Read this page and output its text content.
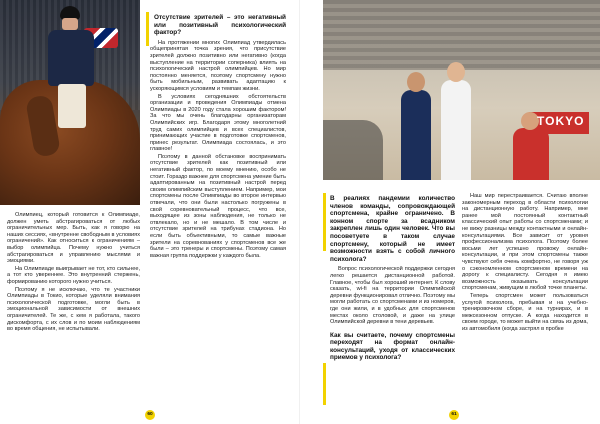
Олимпиец, который готовится к Олимпиаде, должен уметь абстрагироваться от любых ограничительных мер. Быть, как я говорю на наших сессиях, «внутренне свободным в условиях ограничений». Как относиться к ограничениям – выбор олимпийца. Почему нужно учиться абстрагироваться и управлению мыслями и эмоциями.

На Олимпиаде выигрывает не тот, кто сильнее, а тот кто увереннее. Это внутренний стержень, формированию которого нужно учиться.

Поэтому я не исключаю, что те участники Олимпиады в Токио, которые уделяли внимания психологической подготовке, могли быть в эмоциональной зависимости от внешних ограничителей. Те же, с кем я работала, такого дискомфорта, с их слов и по моим наблюдениям во время общения, не испытывали.

Отсутствие зрителей – это негативный или позитивный психологический фактор?

На протяжении многих Олимпиад утвердилась общепринятая точка зрения, что присутствие зрителей должно позитивно или негативно (когда выступление на территории соперника) влиять на психологический настрой олимпийцев. Но мир постоянно меняется, поэтому спортсмену нужно быть мобильным, развивать адаптацию к ускоряющимся условиям и темпам жизни.

В условиях сегодняшних обстоятельств организации и проведения Олимпиады отмена Олимпиады в 2020 году стала хорошим фактором! За что мы очень благодарны организаторам Олимпийских игр. Благодаря этому многолетний труд самих олимпийцев и всех специалистов, принимающих участие в подготовке спортсменов, принес результат. Олимпиада состоялась, и это главное!

Поэтому в данной обстановке воспринимать отсутствие зрителей как позитивный или негативный фактор, по моему мнению, особо не стоит. Гораздо важнее для спортсмена умение быть адаптированным на позитивный настрой перед своим олимпийским выступлением. Например, мои спортсмены после Олимпиады во второе интервью отвечали, что они были настолько погружены в свой соревновательный процесс, что все, выходящее из зоны наблюдения, не только не отвлекало, но и не мешало. В том числе и отсутствие зрителей на трибунах стадиона. Но если быть объективными, то самые важные зрители на соревнованиях у спортсменов все же были – это тренеры и спортсмены. Поэтому самая важная группа поддержки у каждого была.

60
TOKYO
В реалиях пандемии количество членов команды, сопровождающей спортсмена, крайне ограничено. В конном спорте за всадником закреплен лишь один человек. Что вы посоветуете в таком случае спортсмену, который не имеет возможности взять с собой личного психолога?

Вопрос психологической поддержки сегодня легко решается дистанционной работой. Главное, чтобы был хороший интернет. К слову сказать, wi-fi на территории Олимпийской деревни функционировал отлично. Поэтому мы могли работать со спортсменами и из номеров, где они жили, и в удобных для спортсменов местах около столовой, и даже на улице Олимпийской деревни в тени деревьев.

Как вы считаете, почему спортсмены переходят на формат онлайн-консультаций, уходя от классических приемов у психолога?

Наш мир перестраивается. Считаю вполне закономерным переход в области психологии на дистанционную работу. Например, мне ранее мой постоянный контактный классический опыт работы со спортсменами; и не вижу разницы между контактными и онлайн-консультациями. Все зависит от уровня профессионализма психолога. Поэтому более восьми лет успешно провожу онлайн-консультации, и при этом спортсмены также чувствуют себя очень комфортно, не говоря уж о сэкономленном спортсменом времени на дорогу к специалисту. Сегодня я имею возможность оказывать консультации спортсменам, живущим в любой точке планеты.

Теперь спортсмен может пользоваться услугой психолога, пребывая и на учебно-тренировочном сборе, и на турнирах, и в межсезонном отпуске. А когда находится в своем городе, то может выйти на связь из дома, из автомобиля (когда застрял в пробке

61
